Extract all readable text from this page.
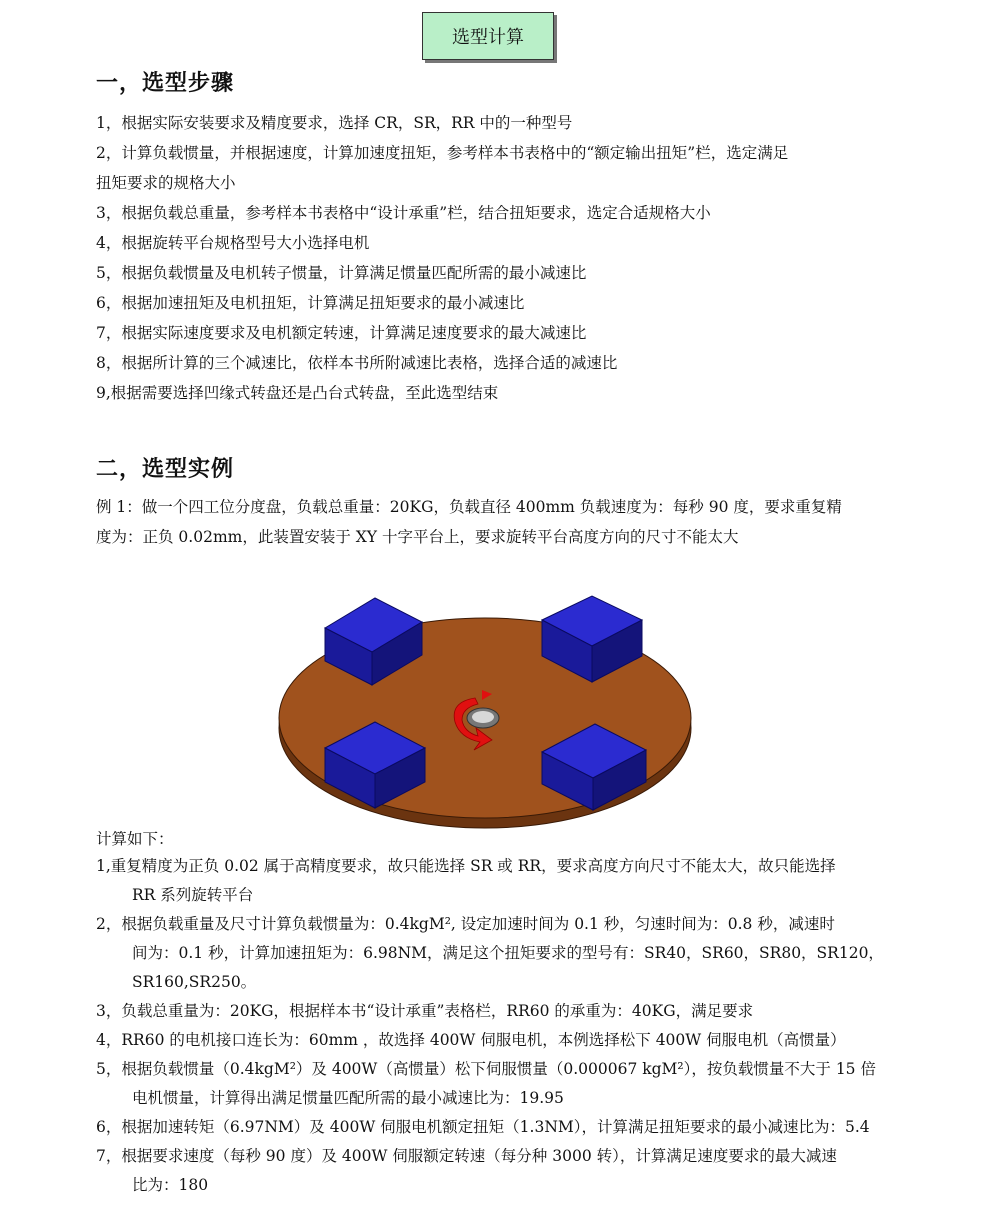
选型计算
一，选型步骤
1，根据实际安装要求及精度要求，选择 CR，SR，RR 中的一种型号
2，计算负载惯量，并根据速度，计算加速度扭矩，参考样本书表格中的“额定输出扭矩”栏，选定满足
扭矩要求的规格大小
3，根据负载总重量，参考样本书表格中“设计承重”栏，结合扭矩要求，选定合适规格大小
4，根据旋转平台规格型号大小选择电机
5，根据负载惯量及电机转子惯量，计算满足惯量匹配所需的最小减速比
6，根据加速扭矩及电机扭矩，计算满足扭矩要求的最小减速比
7，根据实际速度要求及电机额定转速，计算满足速度要求的最大减速比
8，根据所计算的三个减速比，依样本书所附减速比表格，选择合适的减速比
9,根据需要选择凹缘式转盘还是凸台式转盘，至此选型结束
二，选型实例
例 1：做一个四工位分度盘，负载总重量：20KG，负载直径 400mm 负载速度为：每秒 90 度，要求重复精
度为：正负 0.02mm，此装置安装于 XY 十字平台上，要求旋转平台高度方向的尺寸不能太大
计算如下：
1,重复精度为正负 0.02 属于高精度要求，故只能选择 SR 或 RR，要求高度方向尺寸不能太大，故只能选择
RR 系列旋转平台
2，根据负载重量及尺寸计算负载惯量为：0.4kgM², 设定加速时间为 0.1 秒，匀速时间为：0.8 秒，减速时
间为：0.1 秒，计算加速扭矩为：6.98NM，满足这个扭矩要求的型号有：SR40，SR60，SR80，SR120，
SR160,SR250。
3，负载总重量为：20KG，根据样本书“设计承重”表格栏，RR60 的承重为：40KG，满足要求
4，RR60 的电机接口连长为：60mm ，故选择 400W 伺服电机，本例选择松下 400W 伺服电机（高惯量）
5，根据负载惯量（0.4kgM²）及 400W（高惯量）松下伺服惯量（0.000067 kgM²），按负载惯量不大于 15 倍
电机惯量，计算得出满足惯量匹配所需的最小减速比为：19.95
6，根据加速转矩（6.97NM）及 400W 伺服电机额定扭矩（1.3NM），计算满足扭矩要求的最小减速比为：5.4
7，根据要求速度（每秒 90 度）及 400W 伺服额定转速（每分种 3000 转），计算满足速度要求的最大减速
比为：180
